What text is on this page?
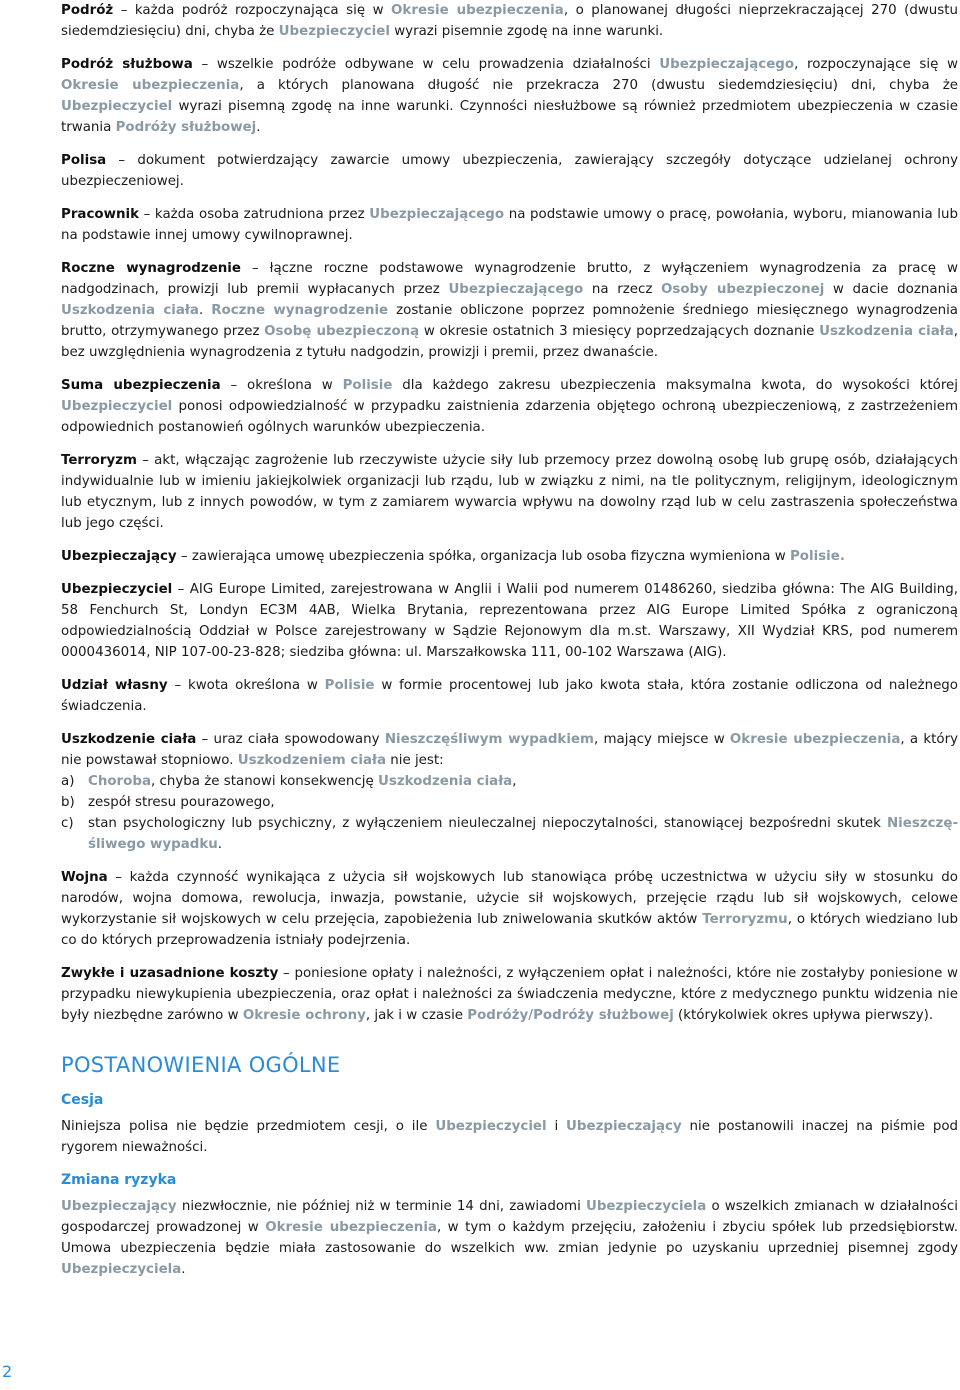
Podróż – każda podróż rozpoczynająca się w Okresie ubezpieczenia, o planowanej długości nieprzekraczającej 270 (dwustu siedemdziesięciu) dni, chyba że Ubezpieczyciel wyrazi pisemnie zgodę na inne warunki.

Podróż służbowa – wszelkie podróże odbywane w celu prowadzenia działalności Ubezpieczającego, rozpoczynające się w Okresie ubezpieczenia, a których planowana długość nie przekracza 270 (dwustu siedemdziesięciu) dni, chyba że Ubezpieczyciel wyrazi pisemną zgodę na inne warunki. Czynności niesłużbowe są również przedmiotem ubezpieczenia w czasie trwania Podróży służbowej.

Polisa – dokument potwierdzający zawarcie umowy ubezpieczenia, zawierający szczegóły dotyczące udzielanej ochrony ubezpieczeniowej.

Pracownik – każda osoba zatrudniona przez Ubezpieczającego na podstawie umowy o pracę, powołania, wyboru, mianowania lub na podstawie innej umowy cywilnoprawnej.

Roczne wynagrodzenie – łączne roczne podstawowe wynagrodzenie brutto, z wyłączeniem wynagrodzenia za pracę w nadgodzinach, prowizji lub premii wypłacanych przez Ubezpieczającego na rzecz Osoby ubezpieczonej w dacie doznania Uszkodzenia ciała. Roczne wynagrodzenie zostanie obliczone poprzez pomnożenie średniego miesięcznego wynagrodzenia brutto, otrzymywanego przez Osobę ubezpieczoną w okresie ostatnich 3 miesięcy poprzedzających doznanie Uszkodzenia ciała, bez uwzględnienia wynagrodzenia z tytułu nadgodzin, prowizji i premii, przez dwanaście.

Suma ubezpieczenia – określona w Polisie dla każdego zakresu ubezpieczenia maksymalna kwota, do wysokości której Ubezpieczyciel ponosi odpowiedzialność w przypadku zaistnienia zdarzenia objętego ochroną ubezpieczeniową, z zastrzeżeniem odpowiednich postanowień ogólnych warunków ubezpieczenia.

Terroryzm – akt, włączając zagrożenie lub rzeczywiste użycie siły lub przemocy przez dowolną osobę lub grupę osób, działających indywidualnie lub w imieniu jakiejkolwiek organizacji lub rządu, lub w związku z nimi, na tle politycznym, religijnym, ideologicznym lub etycznym, lub z innych powodów, w tym z zamiarem wywarcia wpływu na dowolny rząd lub w celu zastraszenia społeczeństwa lub jego części.

Ubezpieczający – zawierająca umowę ubezpieczenia spółka, organizacja lub osoba fizyczna wymieniona w Polisie.

Ubezpieczyciel – AIG Europe Limited, zarejestrowana w Anglii i Walii pod numerem 01486260, siedziba główna: The AIG Building, 58 Fenchurch St, Londyn EC3M 4AB, Wielka Brytania, reprezentowana przez AIG Europe Limited Spółka z ograniczoną odpowiedzialnością Oddział w Polsce zarejestrowany w Sądzie Rejonowym dla m.st. Warszawy, XII Wydział KRS, pod numerem 0000436014, NIP 107-00-23-828; siedziba główna: ul. Marszałkowska 111, 00-102 Warszawa (AIG).

Udział własny – kwota określona w Polisie w formie procentowej lub jako kwota stała, która zostanie odliczona od należnego świadczenia.

Uszkodzenie ciała – uraz ciała spowodowany Nieszczęśliwym wypadkiem, mający miejsce w Okresie ubezpieczenia, a który nie powstawał stopniowo. Uszkodzeniem ciała nie jest:
a) Choroba, chyba że stanowi konsekwencję Uszkodzenia ciała,
b) zespół stresu pourazowego,
c) stan psychologiczny lub psychiczny, z wyłączeniem nieuleczalnej niepoczytalności, stanowiącej bezpośredni skutek Nieszczęśliwego wypadku.

Wojna – każda czynność wynikająca z użycia sił wojskowych lub stanowiąca próbę uczestnictwa w użyciu siły w stosunku do narodów, wojna domowa, rewolucja, inwazja, powstanie, użycie sił wojskowych, przejęcie rządu lub sił wojskowych, celowe wykorzystanie sił wojskowych w celu przejęcia, zapobieżenia lub zniwelowania skutków aktów Terroryzmu, o których wiedziano lub co do których przeprowadzenia istniały podejrzenia.

Zwykłe i uzasadnione koszty – poniesione opłaty i należności, z wyłączeniem opłat i należności, które nie zostałyby poniesione w przypadku niewykupienia ubezpieczenia, oraz opłat i należności za świadczenia medyczne, które z medycznego punktu widzenia nie były niezbędne zarówno w Okresie ochrony, jak i w czasie Podróży/Podróży służbowej (którykolwiek okres upływa pierwszy).

POSTANOWIENIA OGÓLNE
Cesja

Niniejsza polisa nie będzie przedmiotem cesji, o ile Ubezpieczyciel i Ubezpieczający nie postanowili inaczej na piśmie pod rygorem nieważności.

Zmiana ryzyka

Ubezpieczający niezwłocznie, nie później niż w terminie 14 dni, zawiadomi Ubezpieczyciela o wszelkich zmianach w działalności gospodarczej prowadzonej w Okresie ubezpieczenia, w tym o każdym przejęciu, założeniu i zbyciu spółek lub przedsiębiorstw. Umowa ubezpieczenia będzie miała zastosowanie do wszelkich ww. zmian jedynie po uzyskaniu uprzedniej pisemnej zgody Ubezpieczyciela.

2
